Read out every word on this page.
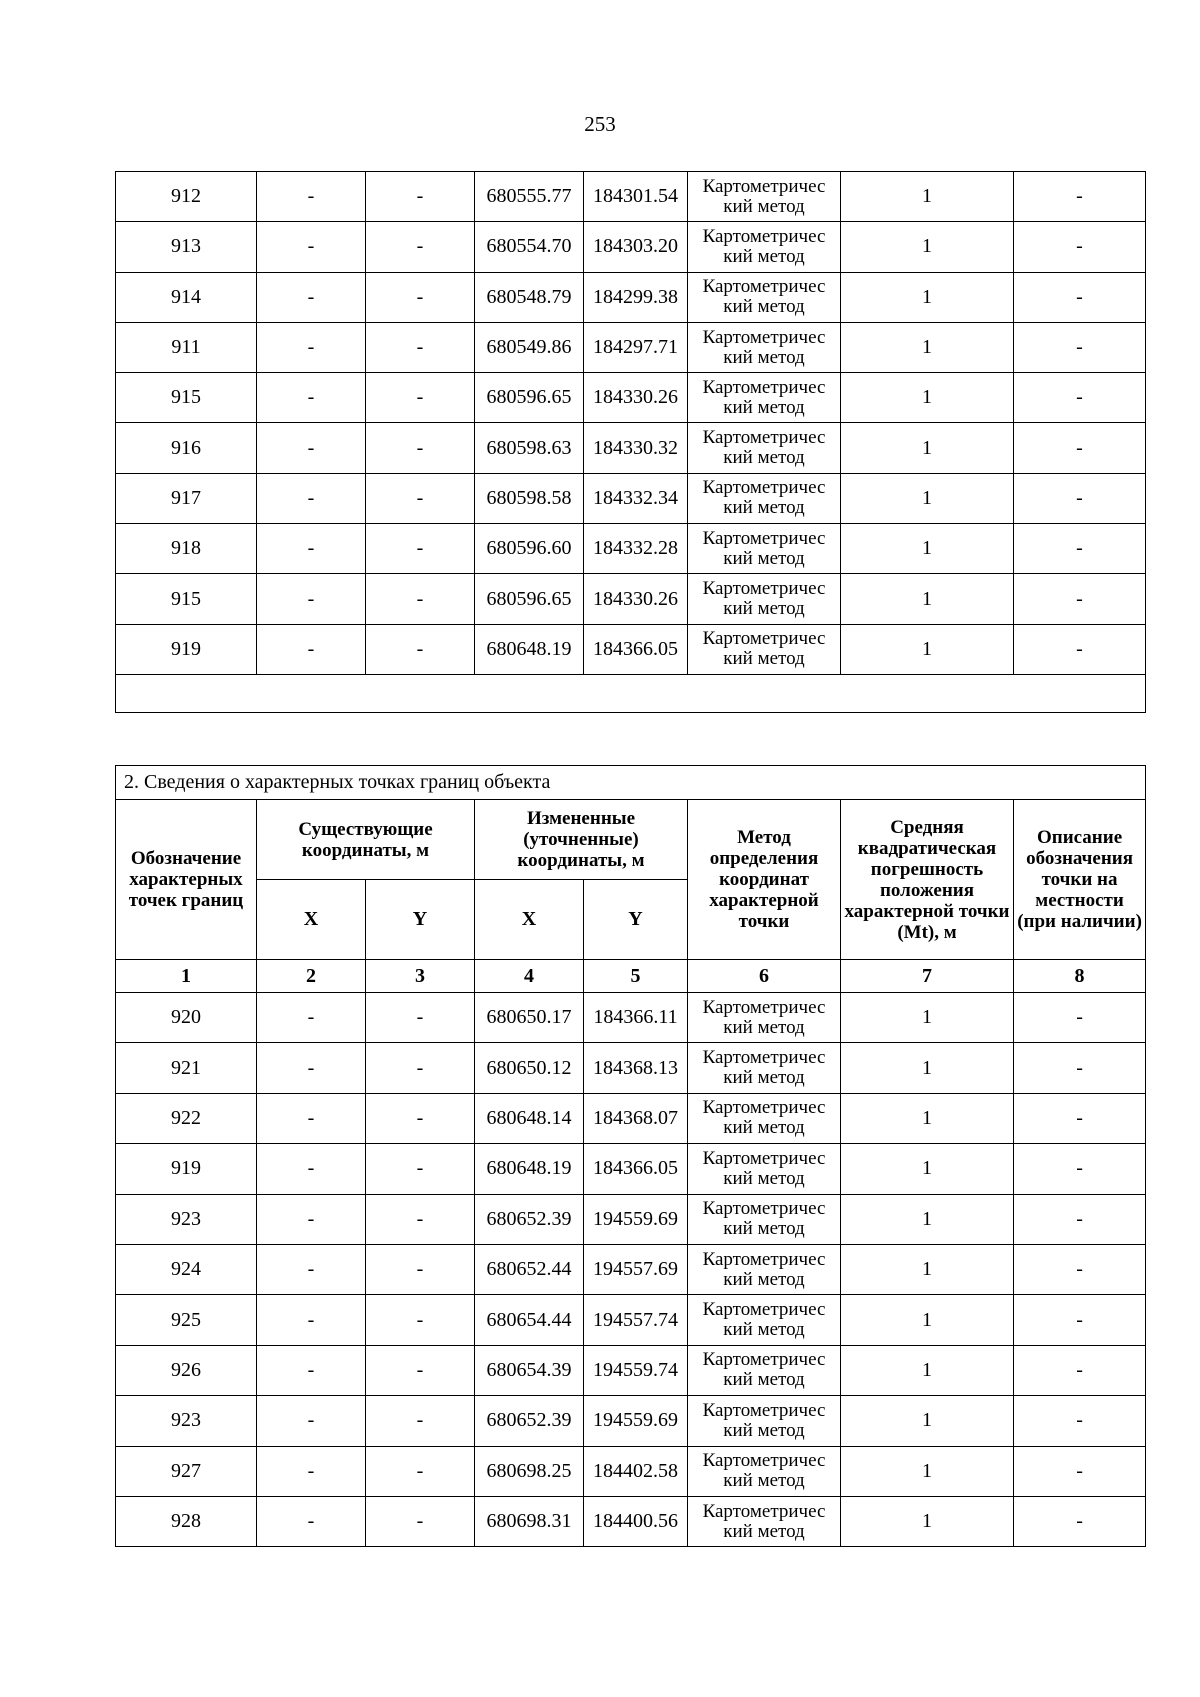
253
912	-	-	680555.77	184301.54	Картометричес кий метод	1	-
913	-	-	680554.70	184303.20	Картометричес кий метод	1	-
914	-	-	680548.79	184299.38	Картометричес кий метод	1	-
911	-	-	680549.86	184297.71	Картометричес кий метод	1	-
915	-	-	680596.65	184330.26	Картометричес кий метод	1	-
916	-	-	680598.63	184330.32	Картометричес кий метод	1	-
917	-	-	680598.58	184332.34	Картометричес кий метод	1	-
918	-	-	680596.60	184332.28	Картометричес кий метод	1	-
915	-	-	680596.65	184330.26	Картометричес кий метод	1	-
919	-	-	680648.19	184366.05	Картометричес кий метод	1	-

2. Сведения о характерных точках границ объекта							
Обозначение характерных точек границ	Существующие координаты, м		Измененные (уточненные) координаты, м		Метод определения координат характерной точки	Средняя квадратическая погрешность положения характерной точки (Mt), м	Описание обозначения точки на местности (при наличии)
	X	Y	X	Y			
1	2	3	4	5	6	7	8
920	-	-	680650.17	184366.11	Картометричес кий метод	1	-
921	-	-	680650.12	184368.13	Картометричес кий метод	1	-
922	-	-	680648.14	184368.07	Картометричес кий метод	1	-
919	-	-	680648.19	184366.05	Картометричес кий метод	1	-
923	-	-	680652.39	194559.69	Картометричес кий метод	1	-
924	-	-	680652.44	194557.69	Картометричес кий метод	1	-
925	-	-	680654.44	194557.74	Картометричес кий метод	1	-
926	-	-	680654.39	194559.74	Картометричес кий метод	1	-
923	-	-	680652.39	194559.69	Картометричес кий метод	1	-
927	-	-	680698.25	184402.58	Картометричес кий метод	1	-
928	-	-	680698.31	184400.56	Картометричес кий метод	1	-
